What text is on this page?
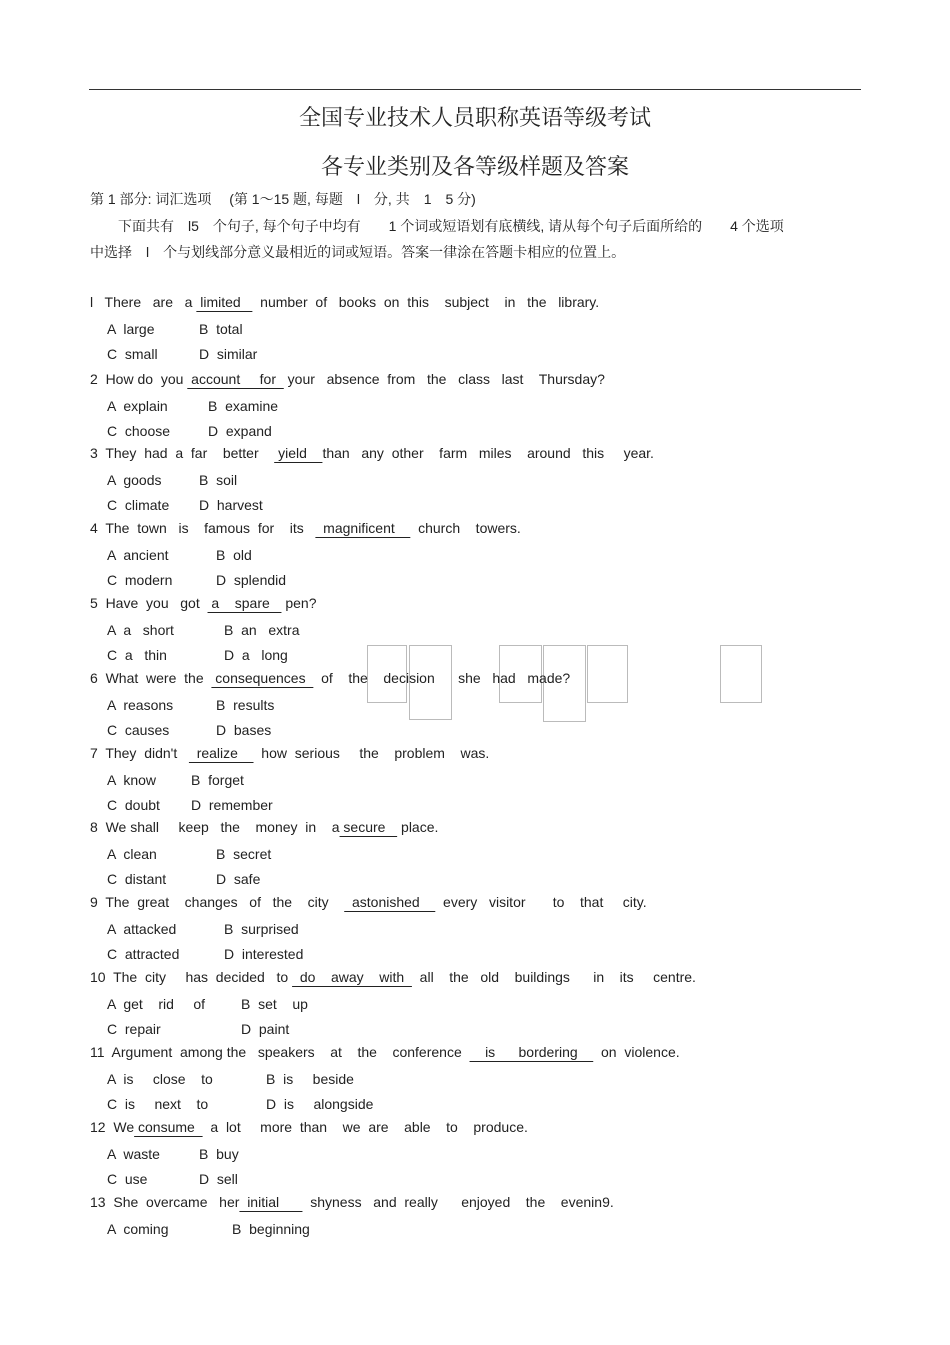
全国专业技术人员职称英语等级考试
各专业类别及各等级样题及答案
第 1 部分: 词汇选项　 (第 1～15 题, 每题　l　分, 共　1　5 分)
　　下面共有　l5　个句子, 每个句子中均有　　1 个词或短语划有底横线, 请从每个句子后面所给的　　4 个选项
中选择　l　个与划线部分意义最相近的词或短语。答案一律涂在答题卡相应的位置上。
l   There   are   a  limited     number  of   books  on  this    subject    in   the   library.
A  large	B  total
C  small	D  similar
2  How do  you  account     for   your   absence  from   the   class   last    Thursday?
A  explain	B  examine
C  choose	D  expand
3  They  had  a  far    better     yield    than   any  other    farm   miles    around   this     year.
A  goods	B  soil
C  climate D  harvest
4  The  town   is    famous  for    its     magnificent      church    towers.
A  ancient	B  old
C  modern	D  splendid
5  Have  you   got   a    spare    pen?
A  a   short	B  an   extra
C  a   thin	D  a   long
6  What  were  the   consequences    of    the    decision      she   had   made?
A  reasons	B  results
C  causes	D  bases
7  They  didn't     realize      how  serious     the    problem    was.
A  know B  forget
C  doubt D  remember
8  We shall     keep   the    money  in    a secure    place.
A  clean	B  secret
C  distant	D  safe
9  The  great    changes   of   the    city      astonished      every   visitor       to    that     city.
A  attacked	B  surprised
C  attracted	D  interested
10  The  city     has  decided   to   do    away    with    all    the   old    buildings      in    its     centre.
A  get    rid     of	B  set    up
C  repair	D  paint
11  Argument  among the   speakers    at    the    conference      is      bordering      on  violence.
A  is     close    to	B  is     beside
C  is     next    to	D  is     alongside
12  We consume    a  lot     more  than    we  are    able    to    produce.
A  waste	B  buy
C  use	D  sell
13  She  overcame   her  initial        shyness   and  really      enjoyed    the    evenin9.
A  coming	B  beginning
